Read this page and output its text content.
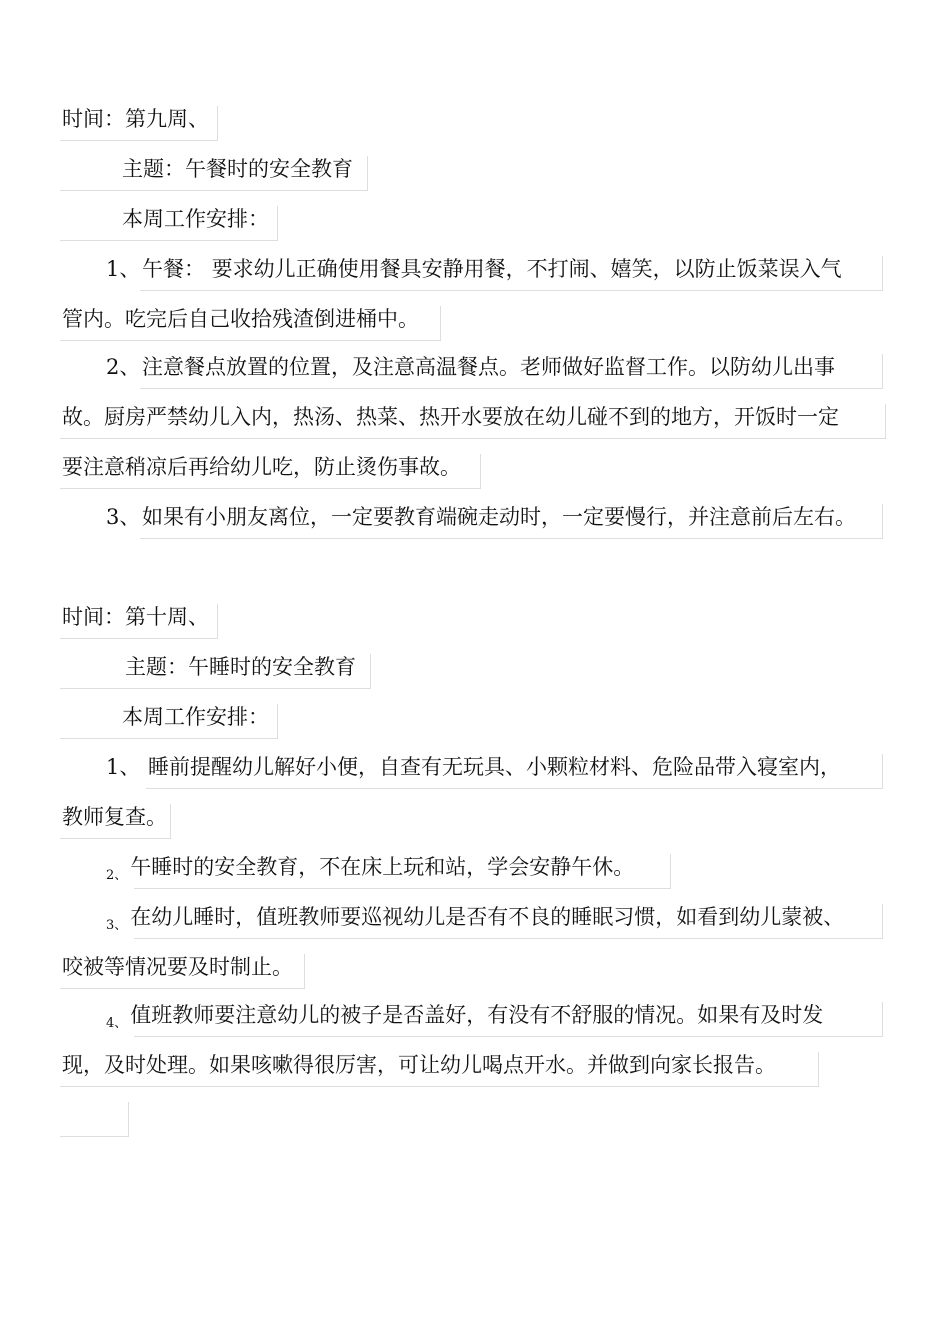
时间：第九周、
主题：午餐时的安全教育
本周工作安排：
1、 午餐： 要求幼儿正确使用餐具安静用餐，不打闹、嬉笑，以防止饭菜误入气
管内。吃完后自己收拾残渣倒进桶中。
2、 注意餐点放置的位置，及注意高温餐点。老师做好监督工作。以防幼儿出事
故。厨房严禁幼儿入内，热汤、热菜、热开水要放在幼儿碰不到的地方，开饭时一定
要注意稍凉后再给幼儿吃，防止烫伤事故。
3、 如果有小朋友离位，一定要教育端碗走动时，一定要慢行，并注意前后左右。
时间：第十周、
主题：午睡时的安全教育
本周工作安排：
1、 睡前提醒幼儿解好小便，自查有无玩具、小颗粒材料、危险品带入寝室内，
教师复查。
$_{2、}$ 午睡时的安全教育，不在床上玩和站，学会安静午休。
$_{3、}$ 在幼儿睡时，值班教师要巡视幼儿是否有不良的睡眠习惯，如看到幼儿蒙被、
咬被等情况要及时制止。
$_{4、}$ 值班教师要注意幼儿的被子是否盖好，有没有不舒服的情况。如果有及时发
现，及时处理。如果咳嗽得很厉害，可让幼儿喝点开水。并做到向家长报告。
